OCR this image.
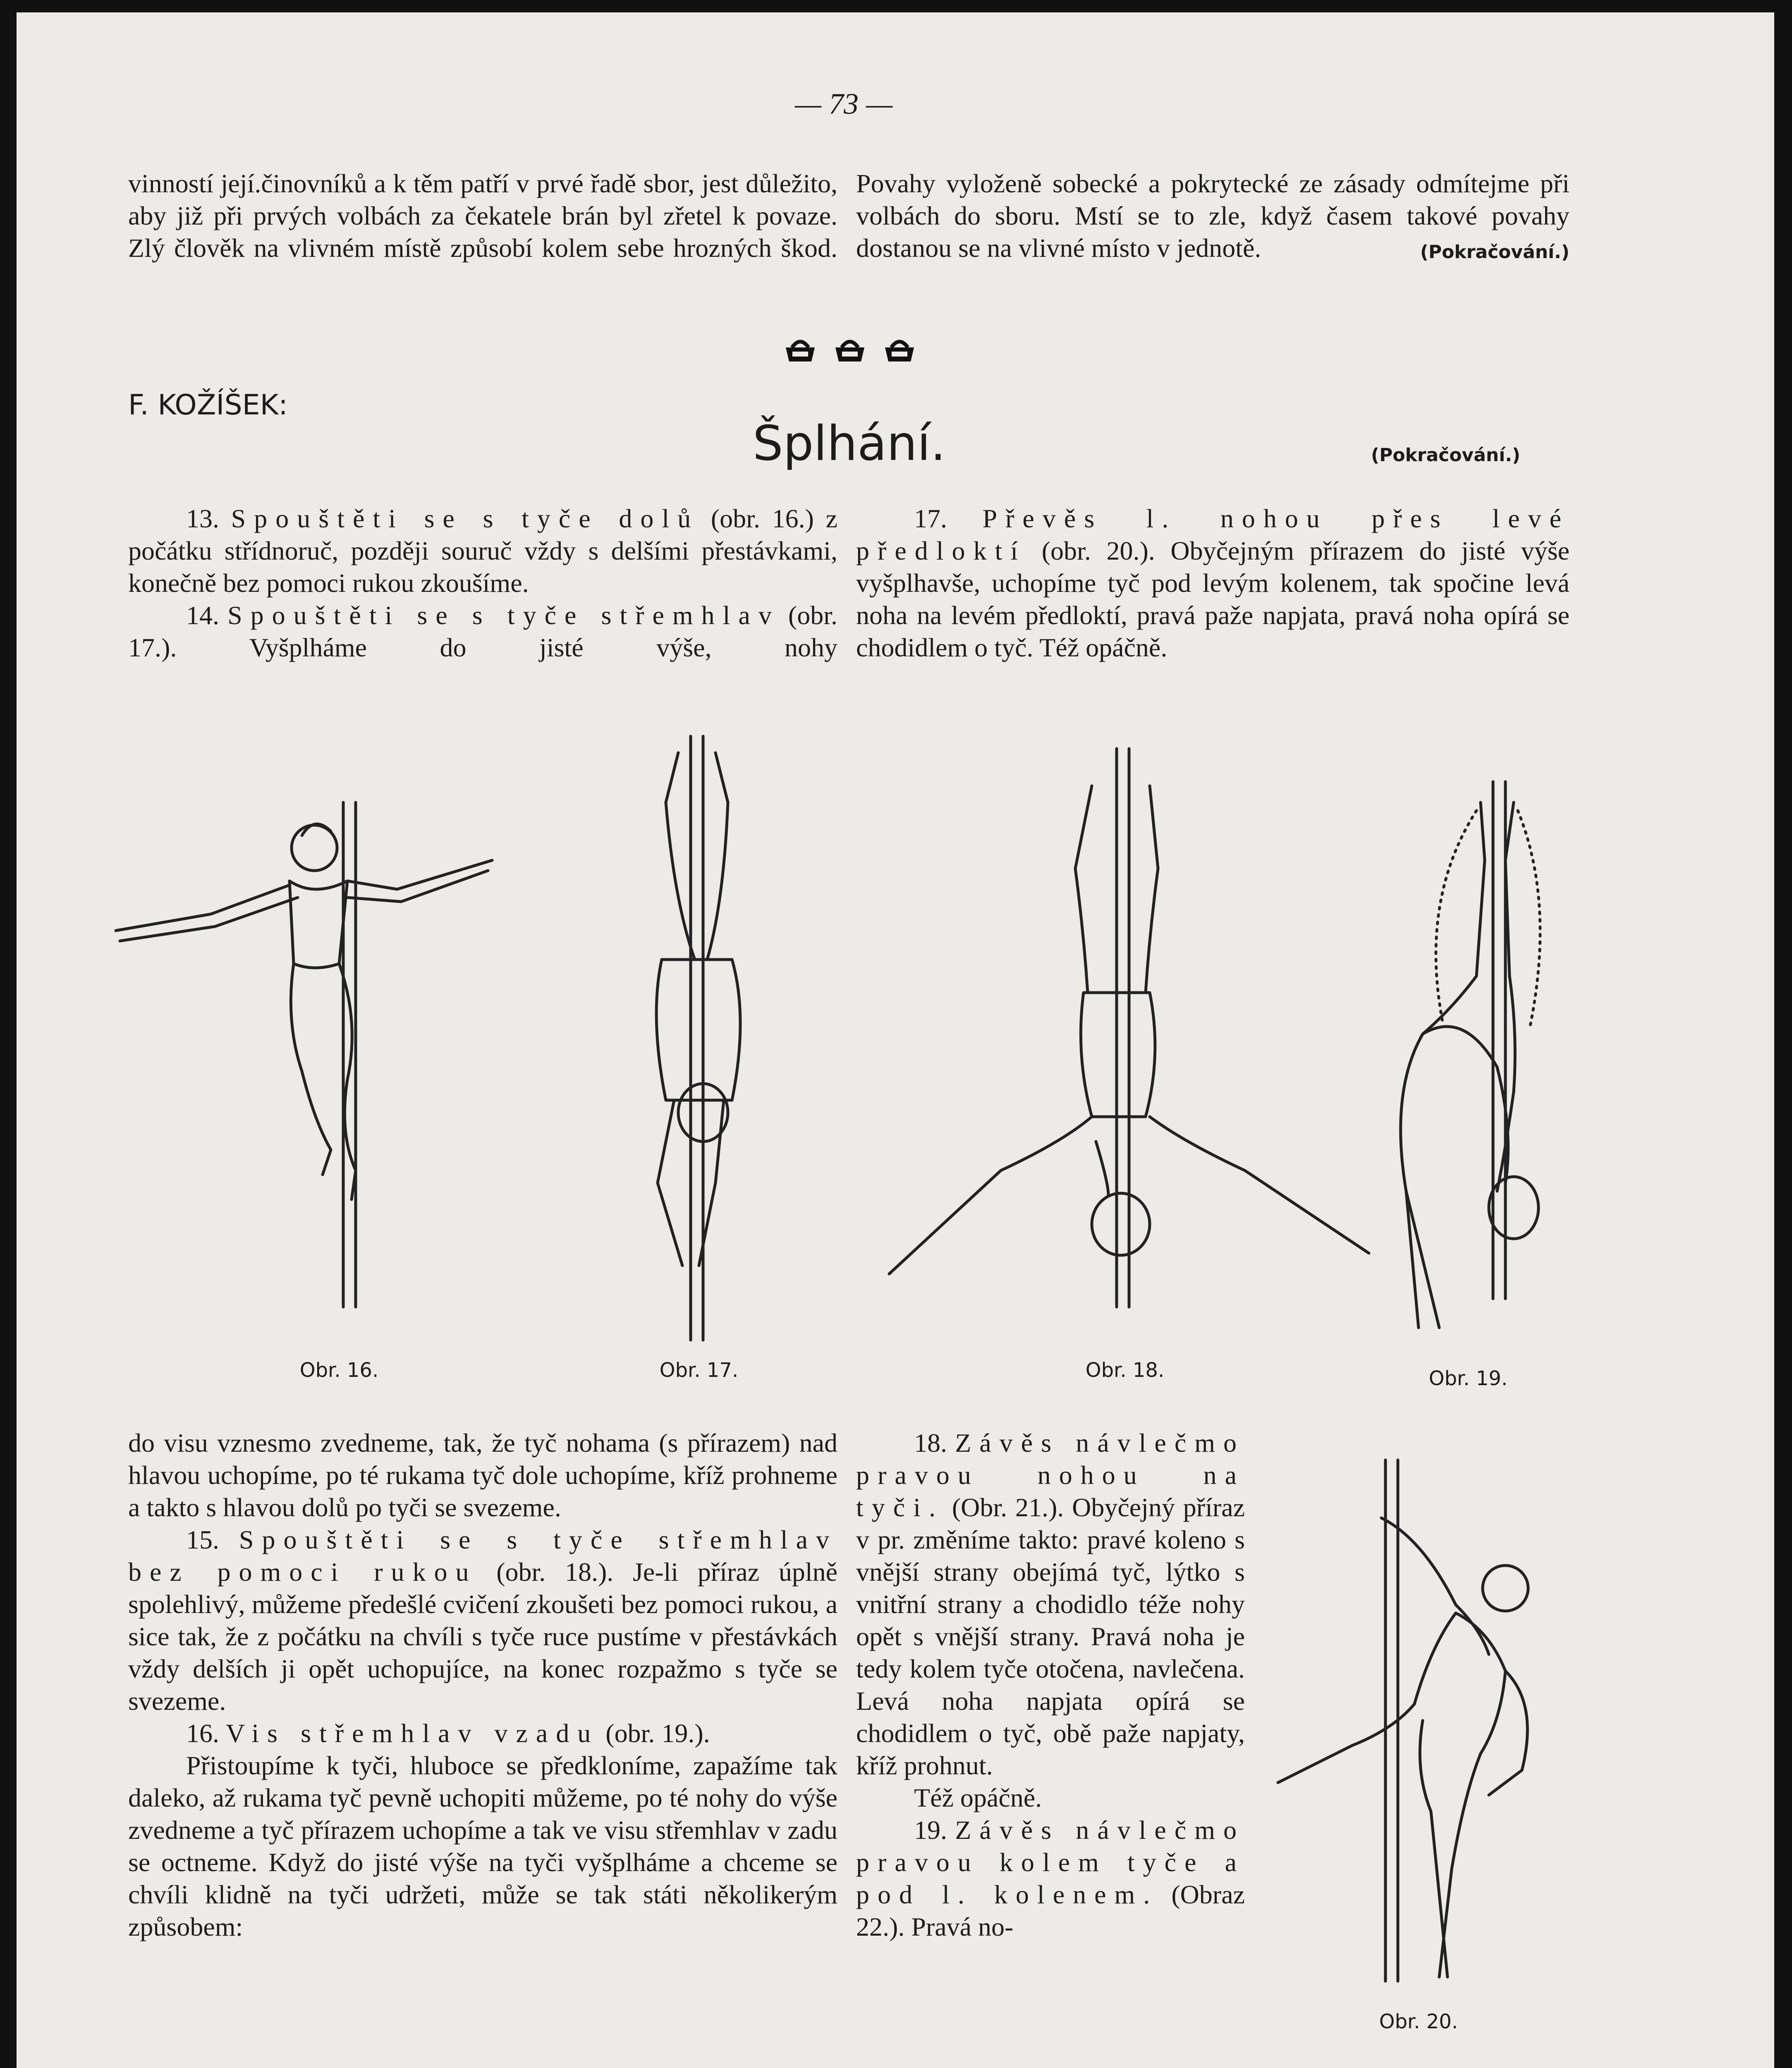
— 73 —

vinností její.činovníků a k těm patří v prvé řadě sbor, jest důležito, aby již při prvých volbách za čekatele brán byl zřetel k povaze. Zlý člověk na vlivném místě způsobí kolem sebe hrozných škod.

Povahy vyloženě sobecké a pokrytecké ze zásady odmítejme při volbách do sboru. Mstí se to zle, když časem takové povahy dostanou se na vlivné místo v jednotě.	(Pokračování.)
F. KOŽÍŠEK:
Šplhání.	(Pokračování.)

13. Spouštěti se s tyče dolů (obr. 16.) z počátku střídnoruč, později souruč vždy s delšími přestávkami, konečně bez pomoci rukou zkoušíme.

14. Spouštěti se s tyče střemhlav (obr. 17.). Vyšplháme do jisté výše, nohy

17. Převěs l. nohou přes levé předloktí (obr. 20.). Obyčejným přírazem do jisté výše vyšplhavše, uchopíme tyč pod levým kolenem, tak spočine levá noha na levém předloktí, pravá paže napjata, pravá noha opírá se chodidlem o tyč. Též opáčně.

Obr. 16.	Obr. 17.	Obr. 18.	Obr. 19.

do visu vznesmo zvedneme, tak, že tyč nohama (s přírazem) nad hlavou uchopíme, po té rukama tyč dole uchopíme, kříž prohneme a takto s hlavou dolů po tyči se svezeme.

15. Spouštěti se s tyče střemhlav bez pomoci rukou (obr. 18.). Je-li příraz úplně spolehlivý, můžeme předešlé cvičení zkoušeti bez pomoci rukou, a sice tak, že z počátku na chvíli s tyče ruce pustíme v přestávkách vždy delších ji opět uchopujíce, na konec rozpažmo s tyče se svezeme.

16. Vis střemhlav vzadu (obr. 19.).

Přistoupíme k tyči, hluboce se předkloníme, zapažíme tak daleko, až rukama tyč pevně uchopiti můžeme, po té nohy do výše zvedneme a tyč přírazem uchopíme a tak ve visu střemhlav v zadu se octneme. Když do jisté výše na tyči vyšplháme a chceme se chvíli klidně na tyči udržeti, může se tak státi několikerým způsobem:

18. Závěs návlečmo pravou nohou na tyči. (Obr. 21.). Obyčejný příraz v pr. změníme takto: pravé koleno s vnější strany obejímá tyč, lýtko s vnitřní strany a chodidlo téže nohy opět s vnější strany. Pravá noha je tedy kolem tyče otočena, navlečena. Levá noha napjata opírá se chodidlem o tyč, obě paže napjaty, kříž prohnut.

Též opáčně.

19. Závěs návlečmo pravou kolem tyče a pod l. kolenem. (Obraz 22.). Pravá no-

Obr. 20.
